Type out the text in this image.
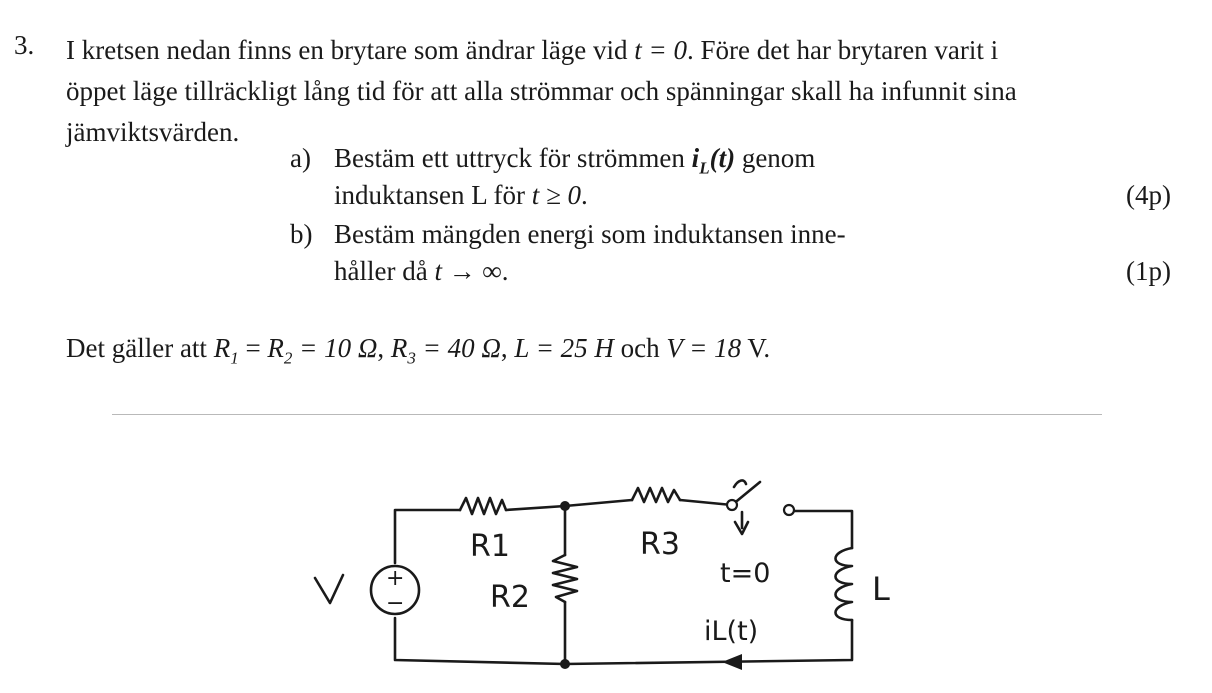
3. I kretsen nedan finns en brytare som ändrar läge vid t = 0. Före det har brytaren varit i
öppet läge tillräckligt lång tid för att alla strömmar och spänningar skall ha infunnit sina
jämviktsvärden.
a) Bestäm ett uttryck för strömmen $i_L(t)$ genom
induktansen L för t ≥ 0.	(4p)
b) Bestäm mängden energi som induktansen inne-
håller då t → ∞.	(1p)
Det gäller att $R_1 = R_2 = 10$ Ω, $R_3 = 40$ Ω, L = 25 H och V = 18 V.
+
−
R1
R2
R3
t=0
iL(t)
L
